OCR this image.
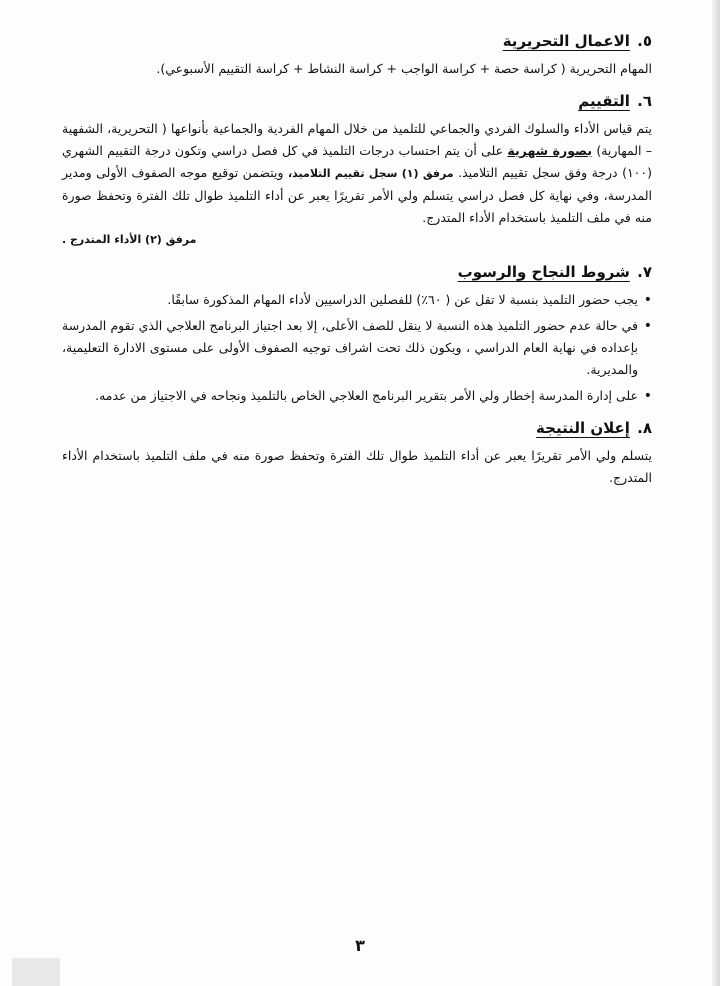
٥. الاعمال التحريرية

المهام التحريرية ( كراسة حصة + كراسة الواجب + كراسة النشاط + كراسة التقييم الأسبوعي).

٦. التقييم

يتم قياس الأداء والسلوك الفردي والجماعي للتلميذ من خلال المهام الفردية والجماعية بأنواعها ( التحريرية، الشفهية – المهارية) بصورة شهرية على أن يتم احتساب درجات التلميذ في كل فصل دراسي وتكون درجة التقييم الشهري (١٠٠) درجة وفق سجل تقييم التلاميذ. مرفق (١) سجل تقييم التلاميذ، ويتضمن توقيع موجه الصفوف الأولى ومدير المدرسة، وفي نهاية كل فصل دراسي يتسلم ولي الأمر تقريرًا يعبر عن أداء التلميذ طوال تلك الفترة وتحفظ صورة منه في ملف التلميذ باستخدام الأداء المتدرج.

مرفق (٢) الأداء المتدرج .

٧. شروط النجاح والرسوب
• يجب حضور التلميذ بنسبة لا تقل عن ( ٦٠٪) للفصلين الدراسيين لأداء المهام المذكورة سابقًا.
• في حالة عدم حضور التلميذ هذه النسبة لا ينقل للصف الأعلى، إلا بعد اجتياز البرنامج العلاجي الذي تقوم المدرسة بإعداده في نهاية العام الدراسي ، ويكون ذلك تحت اشراف توجيه الصفوف الأولى على مستوى الادارة التعليمية، والمديرية.
• على إدارة المدرسة إخطار ولي الأمر بتقرير البرنامج العلاجي الخاص بالتلميذ ونجاحه في الاجتياز من عدمه.
٨. إعلان النتيجة

يتسلم ولي الأمر تقريرًا يعبر عن أداء التلميذ طوال تلك الفترة وتحفظ صورة منه في ملف التلميذ باستخدام الأداء المتدرج.

٣
